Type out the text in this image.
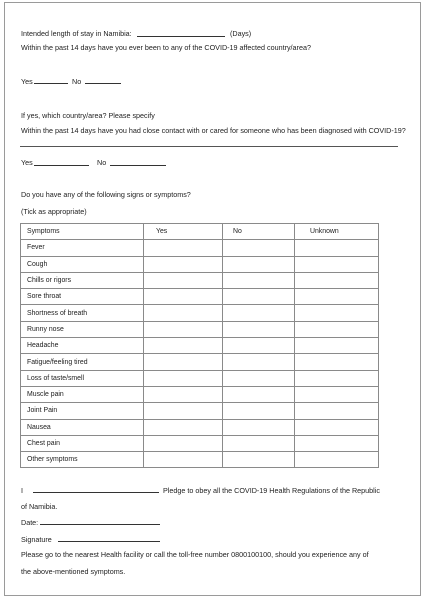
Intended length of stay in Namibia:	(Days)
Within the past 14 days have you ever been to any of the COVID-19 affected country/area?
Yes	No
If yes, which country/area? Please specify
Within the past 14 days have you had close contact with or cared for someone who has been diagnosed with COVID-19?
Yes	No
Do you have any of the following signs or symptoms?
(Tick as appropriate)
Symptoms	Yes	No	Unknown
Fever			
Cough			
Chills or rigors			
Sore throat			
Shortness of breath			
Runny nose			
Headache			
Fatigue/feeling tired			
Loss of taste/smell			
Muscle pain			
Joint Pain			
Nausea			
Chest pain			
Other symptoms			
I	Pledge to obey all the COVID-19 Health Regulations of the Republic
of Namibia.
Date:
Signature
Please go to the nearest Health facility or call the toll-free number 0800100100, should you experience any of
the above-mentioned symptoms.
